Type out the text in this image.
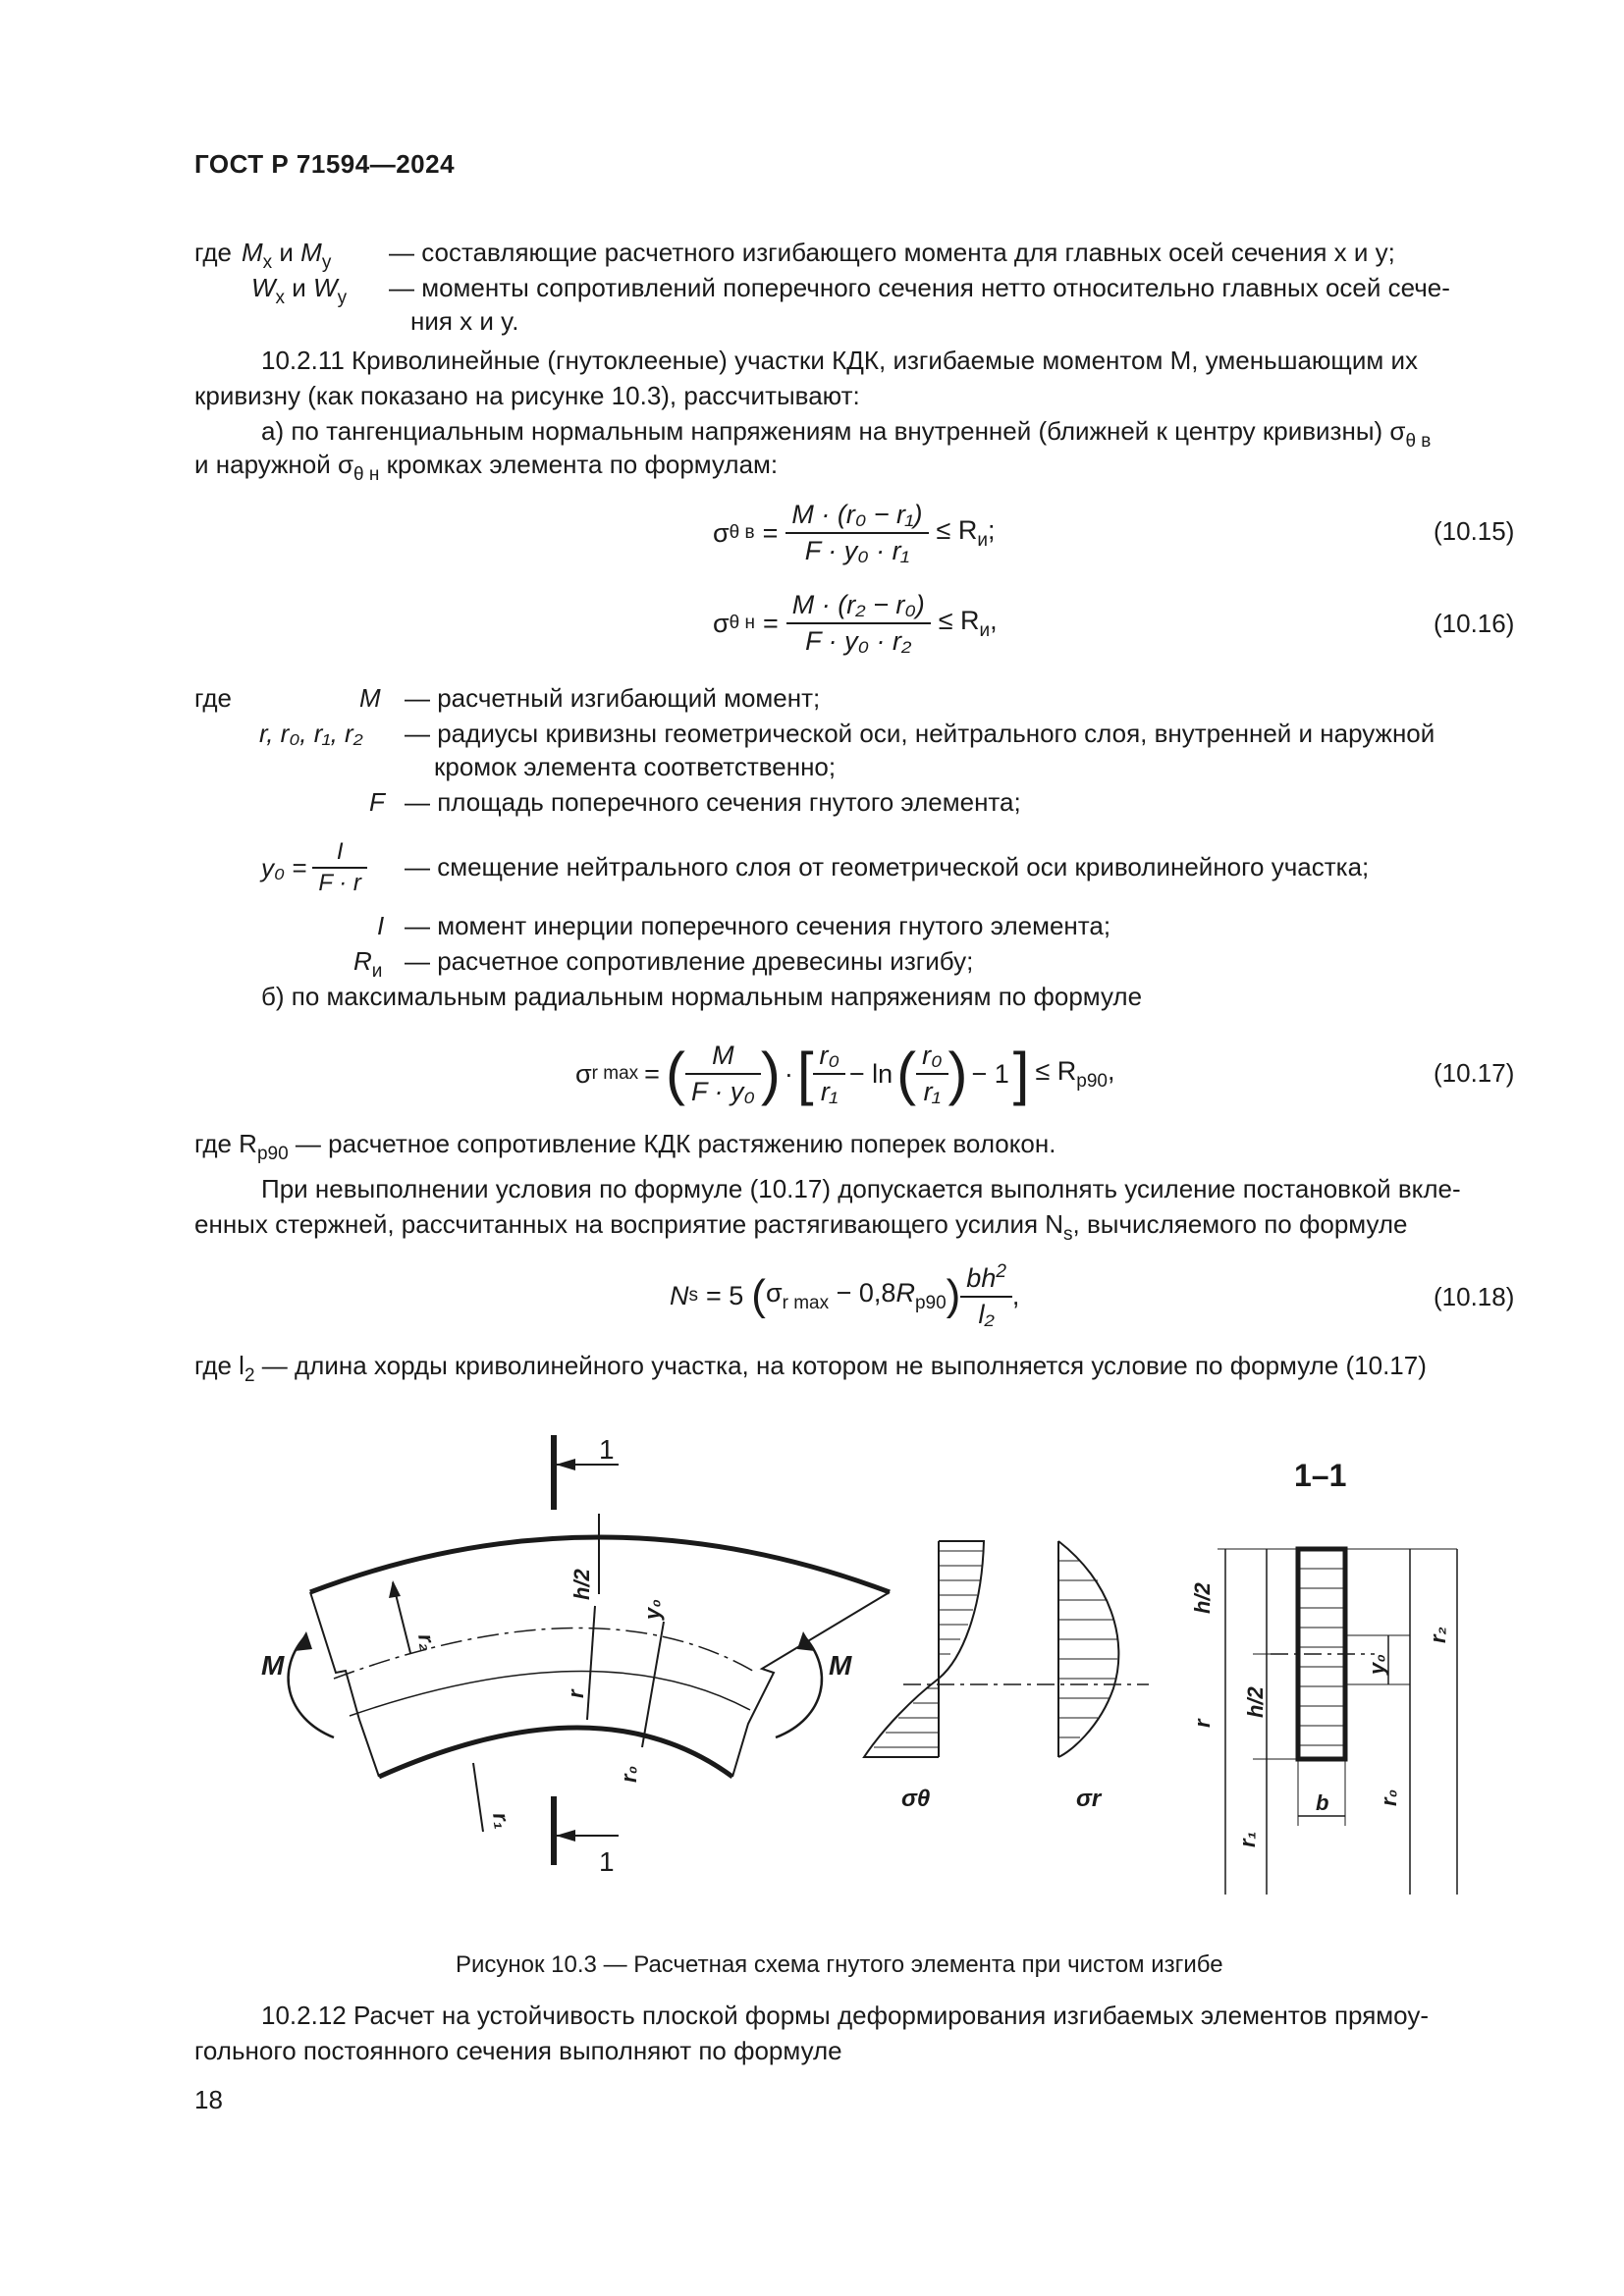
ГОСТ Р 71594—2024
где $M_x$ и $M_y$ — составляющие расчетного изгибающего момента для главных осей сечения x и y;
$W_x$ и $W_y$ — моменты сопротивлений поперечного сечения нетто относительно главных осей сече-
ния x и y.
10.2.11 Криволинейные (гнутоклееные) участки КДК, изгибаемые моментом M, уменьшающим их
кривизну (как показано на рисунке 10.3), рассчитывают:
а) по тангенциальным нормальным напряжениям на внутренней (ближней к центру кривизны) $\sigma_{\theta в}$
и наружной $\sigma_{\theta н}$ кромках элемента по формулам:
σ θ $в = \frac{\text{M · (r₀ − r₁)}}{\text{F · y₀ · r₁}} \le R_и$;	(10.15)
σ θ $н = \frac{\text{M · (r₂ − r₀)}}{\text{F · y₀ · r₂}} \le R_и$,	(10.16)
где	M — расчетный изгибающий момент;
r, r₀, r₁, r₂ — радиусы кривизны геометрической оси, нейтрального слоя, внутренней и наружной
кромок элемента соответственно;
F — площадь поперечного сечения гнутого элемента;
$y_0 = \frac{I}{F \cdot r}$ — смещение нейтрального слоя от геометрической оси криволинейного участка;
I — момент инерции поперечного сечения гнутого элемента;
$R_и$ — расчетное сопротивление древесины изгибу;
б) по максимальным радиальным нормальным напряжениям по формуле
σ r max = ( $\frac{M}{\text{F · y₀}}$ ) · [ $\frac{\text{r₀}}{\text{r₁}} - \ln$ ( $\frac{\text{r₀}}{\text{r₁}}$ ) − 1 ] ≤ $R_{р90}$,	(10.17)
где $R_{р90}$ — расчетное сопротивление КДК растяжению поперек волокон.
При невыполнении условия по формуле (10.17) допускается выполнять усиление постановкой вкле-
енных стержней, рассчитанных на восприятие растягивающего усилия $N_s$, вычисляемого по формуле
N s = 5 ( $\sigma_{r max} - 0,8R_{р90}$ ) $\frac{bh^2}{\text{l₂}}$ ,	(10.18)
где $l_2$ — длина хорды криволинейного участка, на котором не выполняется условие по формуле (10.17)
1
1
1–1
M	M
r₂
h/2
y₀
r
r₀
r₁
σθ	σr
h/2
h/2
r
r₁
y₀
r₀
r₂
b
Рисунок 10.3 — Расчетная схема гнутого элемента при чистом изгибе
10.2.12 Расчет на устойчивость плоской формы деформирования изгибаемых элементов прямоу-
гольного постоянного сечения выполняют по формуле
18
